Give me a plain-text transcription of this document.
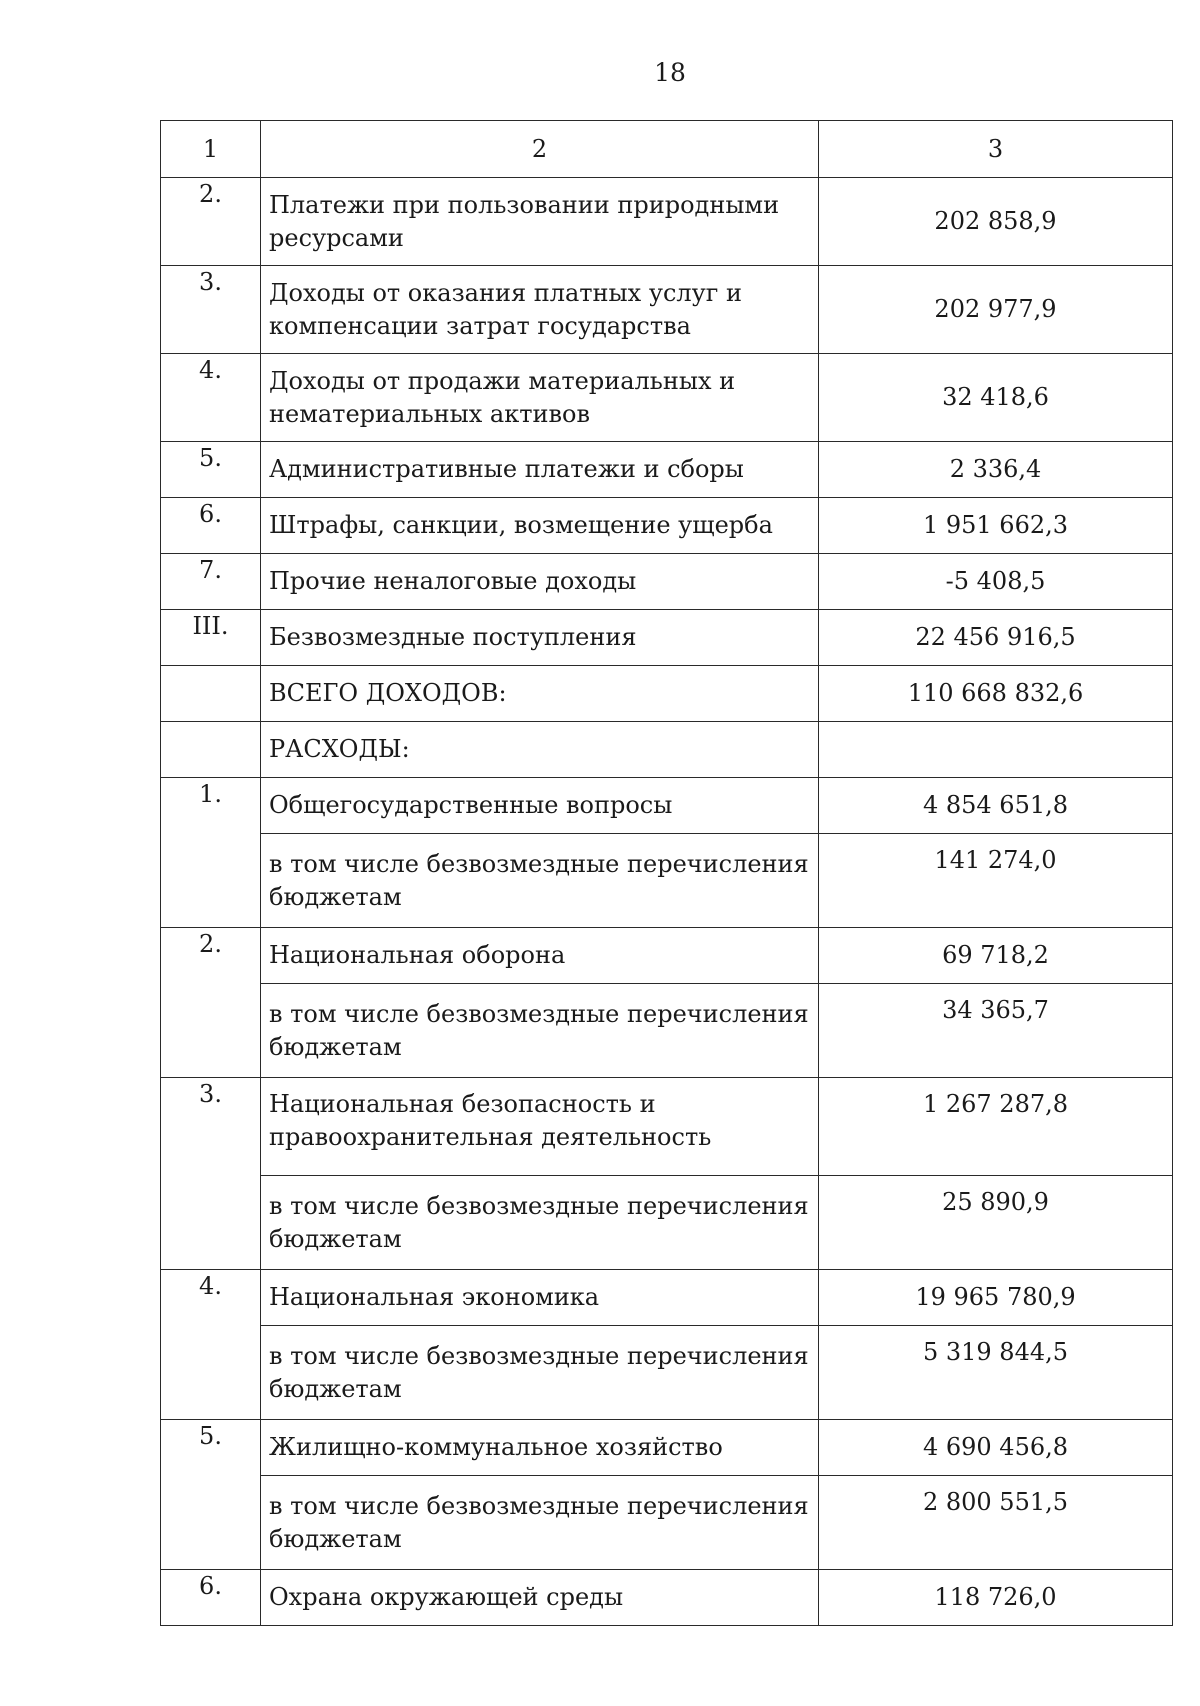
18
1	2	3
2.	Платежи при пользовании природными ресурсами	202 858,9
3.	Доходы от оказания платных услуг и компенсации затрат государства	202 977,9
4.	Доходы от продажи материальных и нематериальных активов	32 418,6
5.	Административные платежи и сборы	2 336,4
6.	Штрафы, санкции, возмещение ущерба	1 951 662,3
7.	Прочие неналоговые доходы	-5 408,5
III.	Безвозмездные поступления	22 456 916,5
	ВСЕГО ДОХОДОВ:	110 668 832,6
	РАСХОДЫ:	
1.	Общегосударственные вопросы	4 854 651,8
	в том числе безвозмездные перечисления бюджетам	141 274,0
2.	Национальная оборона	69 718,2
	в том числе безвозмездные перечисления бюджетам	34 365,7
3.	Национальная безопасность и правоохранительная деятельность	1 267 287,8
	в том числе безвозмездные перечисления бюджетам	25 890,9
4.	Национальная экономика	19 965 780,9
	в том числе безвозмездные перечисления бюджетам	5 319 844,5
5.	Жилищно-коммунальное хозяйство	4 690 456,8
	в том числе безвозмездные перечисления бюджетам	2 800 551,5
6.	Охрана окружающей среды	118 726,0
